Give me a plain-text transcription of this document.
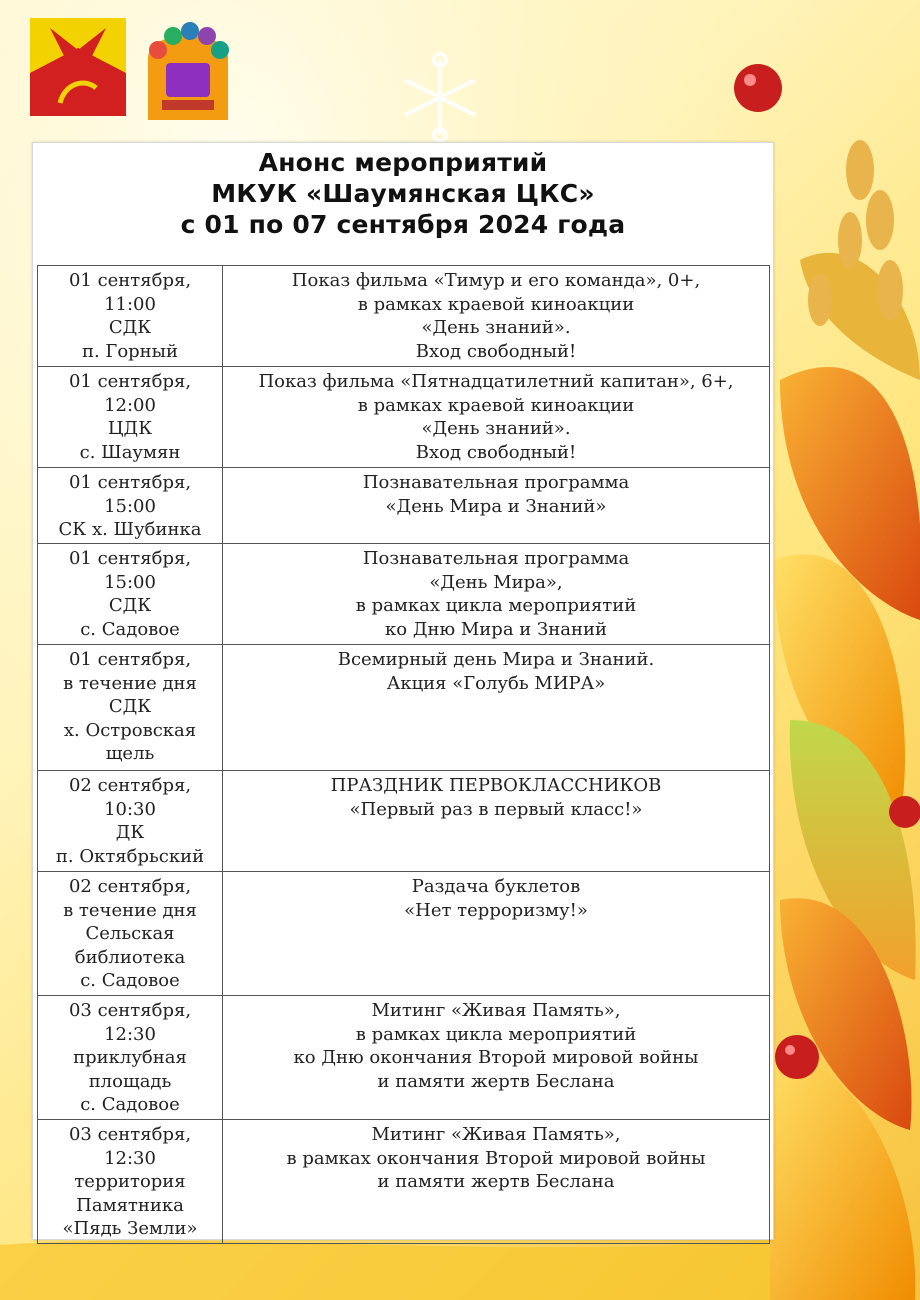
Анонс мероприятий
МКУК «Шаумянская ЦКС»
с 01 по 07 сентября 2024 года
01 сентября,
11:00
СДК
п. Горный	Показ фильма «Тимур и его команда», 0+,
в рамках краевой киноакции
«День знаний».
Вход свободный!

01 сентября,
12:00
ЦДК
с. Шаумян	Показ фильма «Пятнадцатилетний капитан», 6+,
в рамках краевой киноакции
«День знаний».
Вход свободный!

01 сентября,
15:00
СК х. Шубинка	Познавательная программа
«День Мира и Знаний»

01 сентября,
15:00
СДК
с. Садовое	Познавательная программа
«День Мира»,
в рамках цикла мероприятий
ко Дню Мира и Знаний

01 сентября,
в течение дня
СДК
х. Островская
щель	Всемирный день Мира и Знаний.
Акция «Голубь МИРА»

02 сентября,
10:30
ДК
п. Октябрьский	ПРАЗДНИК ПЕРВОКЛАССНИКОВ
«Первый раз в первый класс!»

02 сентября,
в течение дня
Сельская
библиотека
с. Садовое	Раздача буклетов
«Нет терроризму!»

03 сентября,
12:30
приклубная
площадь
с. Садовое	Митинг «Живая Память»,
в рамках цикла мероприятий
ко Дню окончания Второй мировой войны
и памяти жертв Беслана

03 сентября,
12:30
территория
Памятника
«Пядь Земли»	Митинг «Живая Память»,
в рамках окончания Второй мировой войны
и памяти жертв Беслана
